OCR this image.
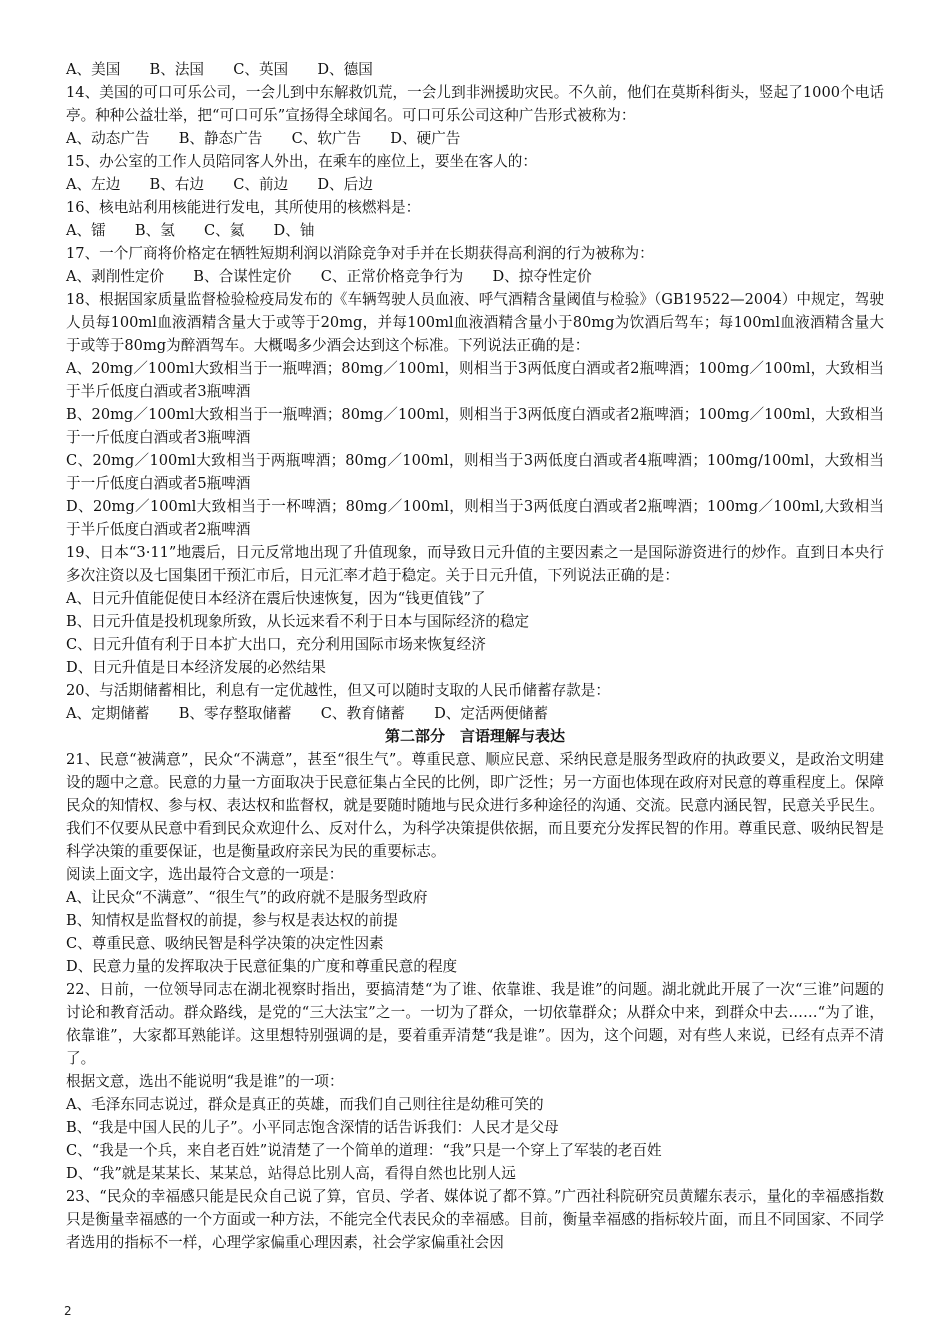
A、美国　　B、法国　　C、英国　　D、德国

14、美国的可口可乐公司，一会儿到中东解救饥荒，一会儿到非洲援助灾民。不久前，他们在莫斯科街头，竖起了1000个电话亭。种种公益壮举，把“可口可乐”宣扬得全球闻名。可口可乐公司这种广告形式被称为：

A、动态广告　　B、静态广告　　C、软广告　　D、硬广告

15、办公室的工作人员陪同客人外出，在乘车的座位上，要坐在客人的：

A、左边　　B、右边　　C、前边　　D、后边

16、核电站利用核能进行发电，其所使用的核燃料是：

A、镭　　B、氢　　C、氦　　D、铀

17、一个厂商将价格定在牺牲短期利润以消除竞争对手并在长期获得高利润的行为被称为：

A、剥削性定价　　B、合谋性定价　　C、正常价格竞争行为　　D、掠夺性定价

18、根据国家质量监督检验检疫局发布的《车辆驾驶人员血液、呼气酒精含量阈值与检验》（GB19522—2004）中规定，驾驶人员每100ml血液酒精含量大于或等于20mg，并每100ml血液酒精含量小于80mg为饮酒后驾车；每100ml血液酒精含量大于或等于80mg为醉酒驾车。大概喝多少酒会达到这个标准。下列说法正确的是：

A、20mg／100ml大致相当于一瓶啤酒；80mg／100ml，则相当于3两低度白酒或者2瓶啤酒；100mg／100ml，大致相当于半斤低度白酒或者3瓶啤酒

B、20mg／100ml大致相当于一瓶啤酒；80mg／100ml，则相当于3两低度白酒或者2瓶啤酒；100mg／100ml，大致相当于一斤低度白酒或者3瓶啤酒

C、20mg／100ml大致相当于两瓶啤酒；80mg／100ml，则相当于3两低度白酒或者4瓶啤酒；100mg/100ml，大致相当于一斤低度白酒或者5瓶啤酒

D、20mg／100ml大致相当于一杯啤酒；80mg／100ml，则相当于3两低度白酒或者2瓶啤酒；100mg／100ml,大致相当于半斤低度白酒或者2瓶啤酒

19、日本“3·11”地震后，日元反常地出现了升值现象，而导致日元升值的主要因素之一是国际游资进行的炒作。直到日本央行多次注资以及七国集团干预汇市后，日元汇率才趋于稳定。关于日元升值，下列说法正确的是：

A、日元升值能促使日本经济在震后快速恢复，因为“钱更值钱”了

B、日元升值是投机现象所致，从长远来看不利于日本与国际经济的稳定

C、日元升值有利于日本扩大出口，充分利用国际市场来恢复经济

D、日元升值是日本经济发展的必然结果

20、与活期储蓄相比，利息有一定优越性，但又可以随时支取的人民币储蓄存款是：

A、定期储蓄　　B、零存整取储蓄　　C、教育储蓄　　D、定活两便储蓄

第二部分　言语理解与表达

21、民意“被满意”，民众“不满意”，甚至“很生气”。尊重民意、顺应民意、采纳民意是服务型政府的执政要义，是政治文明建设的题中之意。民意的力量一方面取决于民意征集占全民的比例，即广泛性；另一方面也体现在政府对民意的尊重程度上。保障民众的知情权、参与权、表达权和监督权，就是要随时随地与民众进行多种途径的沟通、交流。民意内涵民智，民意关乎民生。我们不仅要从民意中看到民众欢迎什么、反对什么，为科学决策提供依据，而且要充分发挥民智的作用。尊重民意、吸纳民智是科学决策的重要保证，也是衡量政府亲民为民的重要标志。

阅读上面文字，选出最符合文意的一项是：

A、让民众“不满意”、“很生气”的政府就不是服务型政府

B、知情权是监督权的前提，参与权是表达权的前提

C、尊重民意、吸纳民智是科学决策的决定性因素

D、民意力量的发挥取决于民意征集的广度和尊重民意的程度

22、日前，一位领导同志在湖北视察时指出，要搞清楚“为了谁、依靠谁、我是谁”的问题。湖北就此开展了一次“三谁”问题的讨论和教育活动。群众路线，是党的“三大法宝”之一。一切为了群众，一切依靠群众；从群众中来，到群众中去……“为了谁，依靠谁”，大家都耳熟能详。这里想特别强调的是，要着重弄清楚“我是谁”。因为，这个问题，对有些人来说，已经有点弄不清了。

根据文意，选出不能说明“我是谁”的一项：

A、毛泽东同志说过，群众是真正的英雄，而我们自己则往往是幼稚可笑的

B、“我是中国人民的儿子”。小平同志饱含深情的话告诉我们：人民才是父母

C、“我是一个兵，来自老百姓”说清楚了一个简单的道理：“我”只是一个穿上了军装的老百姓

D、“我”就是某某长、某某总，站得总比别人高，看得自然也比别人远

23、“民众的幸福感只能是民众自己说了算，官员、学者、媒体说了都不算。”广西社科院研究员黄耀东表示，量化的幸福感指数只是衡量幸福感的一个方面或一种方法，不能完全代表民众的幸福感。目前，衡量幸福感的指标较片面，而且不同国家、不同学者选用的指标不一样，心理学家偏重心理因素，社会学家偏重社会因

2
